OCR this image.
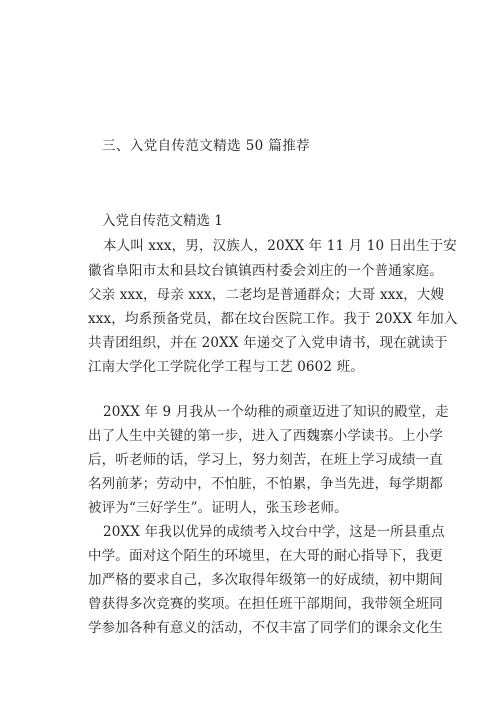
三、入党自传范文精选 50 篇推荐
入党自传范文精选 1
本人叫 xxx，男，汉族人，20XX 年 11 月 10 日出生于安
徽省阜阳市太和县坟台镇镇西村委会刘庄的一个普通家庭。
父亲 xxx，母亲 xxx，二老均是普通群众；大哥 xxx，大嫂
xxx，均系预备党员，都在坟台医院工作。我于 20XX 年加入
共青团组织，并在 20XX 年递交了入党申请书，现在就读于
江南大学化工学院化学工程与工艺 0602 班。
20XX 年 9 月我从一个幼稚的顽童迈进了知识的殿堂，走
出了人生中关键的第一步，进入了西魏寨小学读书。上小学
后，听老师的话，学习上，努力刻苦，在班上学习成绩一直
名列前茅；劳动中，不怕脏，不怕累，争当先进，每学期都
被评为“三好学生”。证明人，张玉珍老师。
20XX 年我以优异的成绩考入坟台中学，这是一所县重点
中学。面对这个陌生的环境里，在大哥的耐心指导下，我更
加严格的要求自己，多次取得年级第一的好成绩，初中期间
曾获得多次竞赛的奖项。在担任班干部期间，我带领全班同
学参加各种有意义的活动，不仅丰富了同学们的课余文化生
